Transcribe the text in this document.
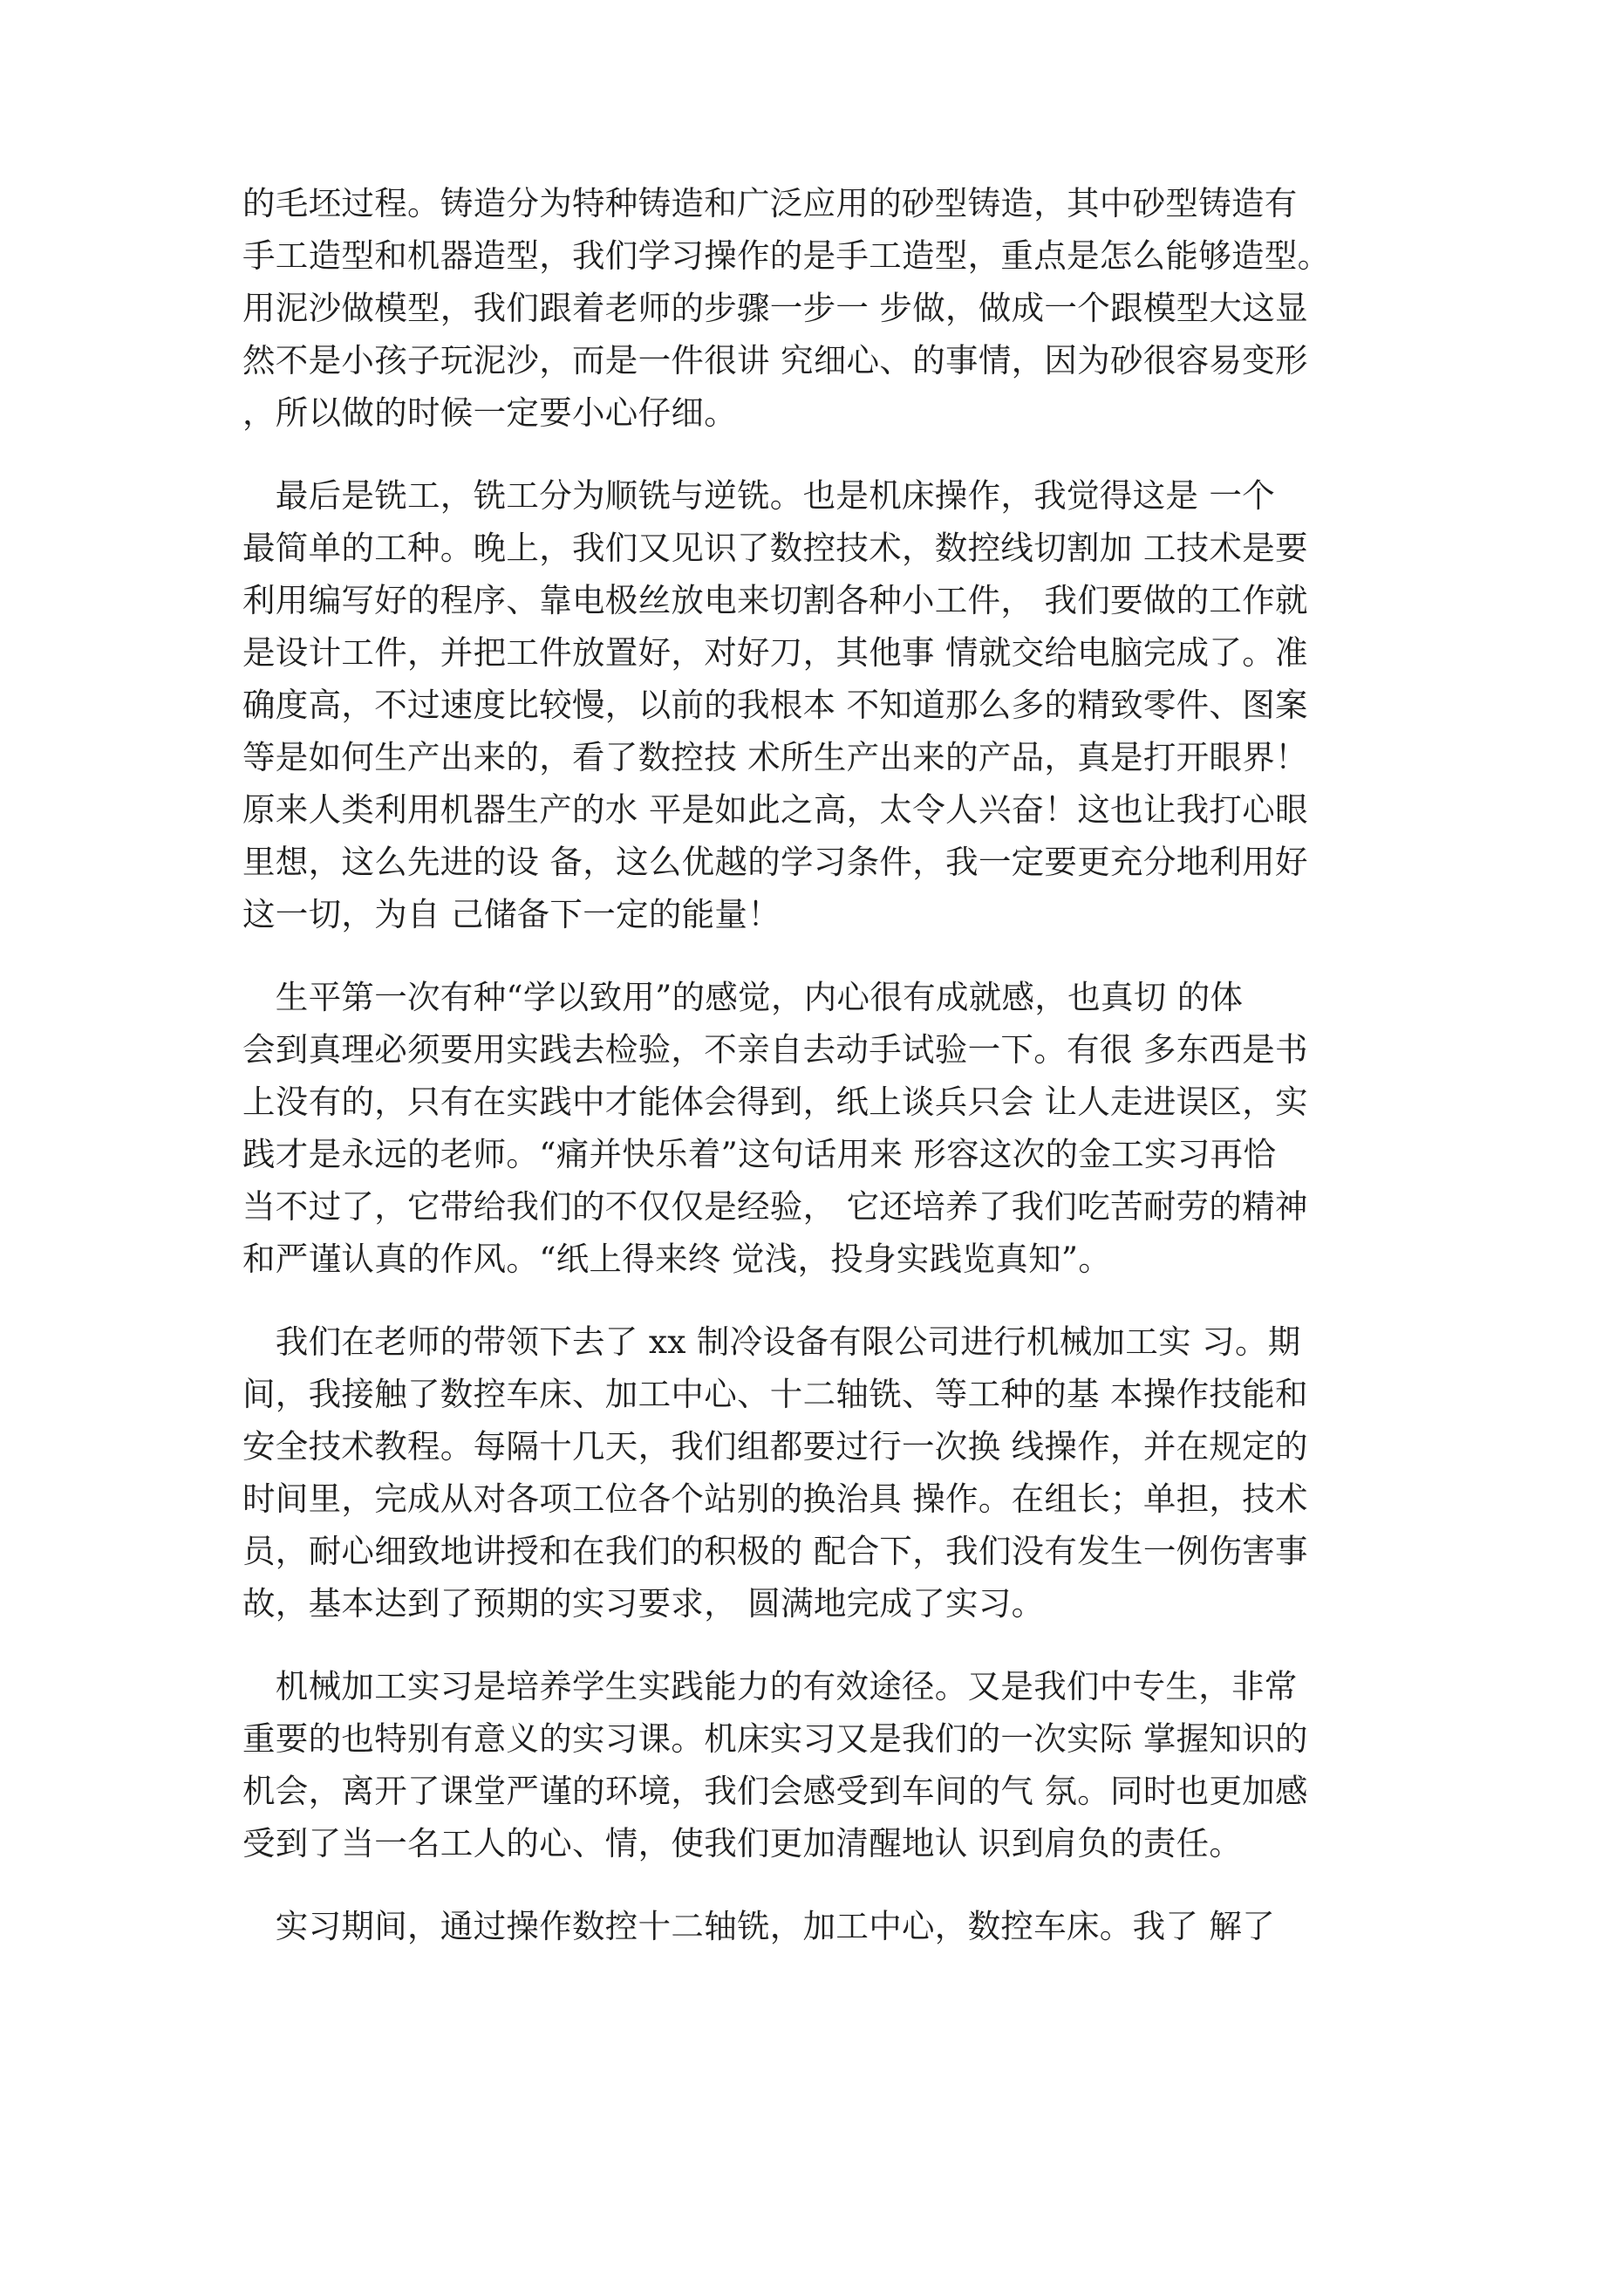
的毛坯过程。铸造分为特种铸造和广泛应用的砂型铸造，其中砂型铸造有
手工造型和机器造型，我们学习操作的是手工造型，重点是怎么能够造型。
用泥沙做模型，我们跟着老师的步骤一步一 步做，做成一个跟模型大这显
然不是小孩子玩泥沙，而是一件很讲 究细心、的事情，因为砂很容易变形
，所以做的时候一定要小心仔细。
　最后是铣工，铣工分为顺铣与逆铣。也是机床操作，我觉得这是 一个
最简单的工种。晚上，我们又见识了数控技术，数控线切割加 工技术是要
利用编写好的程序、靠电极丝放电来切割各种小工件， 我们要做的工作就
是设计工件，并把工件放置好，对好刀，其他事 情就交给电脑完成了。准
确度高，不过速度比较慢，以前的我根本 不知道那么多的精致零件、图案
等是如何生产出来的，看了数控技 术所生产出来的产品，真是打开眼界！
原来人类利用机器生产的水 平是如此之高，太令人兴奋！这也让我打心眼
里想，这么先进的设 备，这么优越的学习条件，我一定要更充分地利用好
这一切，为自 己储备下一定的能量！
　生平第一次有种“学以致用”的感觉，内心很有成就感，也真切 的体
会到真理必须要用实践去检验，不亲自去动手试验一下。有很 多东西是书
上没有的，只有在实践中才能体会得到，纸上谈兵只会 让人走进误区，实
践才是永远的老师。“痛并快乐着”这句话用来 形容这次的金工实习再恰
当不过了，它带给我们的不仅仅是经验， 它还培养了我们吃苦耐劳的精神
和严谨认真的作风。“纸上得来终 觉浅，投身实践览真知”。
　我们在老师的带领下去了 xx 制冷设备有限公司进行机械加工实 习。期
间，我接触了数控车床、加工中心、十二轴铣、等工种的基 本操作技能和
安全技术教程。每隔十几天，我们组都要过行一次换 线操作，并在规定的
时间里，完成从对各项工位各个站别的换治具 操作。在组长；单担，技术
员，耐心细致地讲授和在我们的积极的 配合下，我们没有发生一例伤害事
故，基本达到了预期的实习要求， 圆满地完成了实习。
　机械加工实习是培养学生实践能力的有效途径。又是我们中专生，非常
重要的也特别有意义的实习课。机床实习又是我们的一次实际 掌握知识的
机会，离开了课堂严谨的环境，我们会感受到车间的气 氛。同时也更加感
受到了当一名工人的心、情，使我们更加清醒地认 识到肩负的责任。
　实习期间，通过操作数控十二轴铣，加工中心，数控车床。我了 解了
